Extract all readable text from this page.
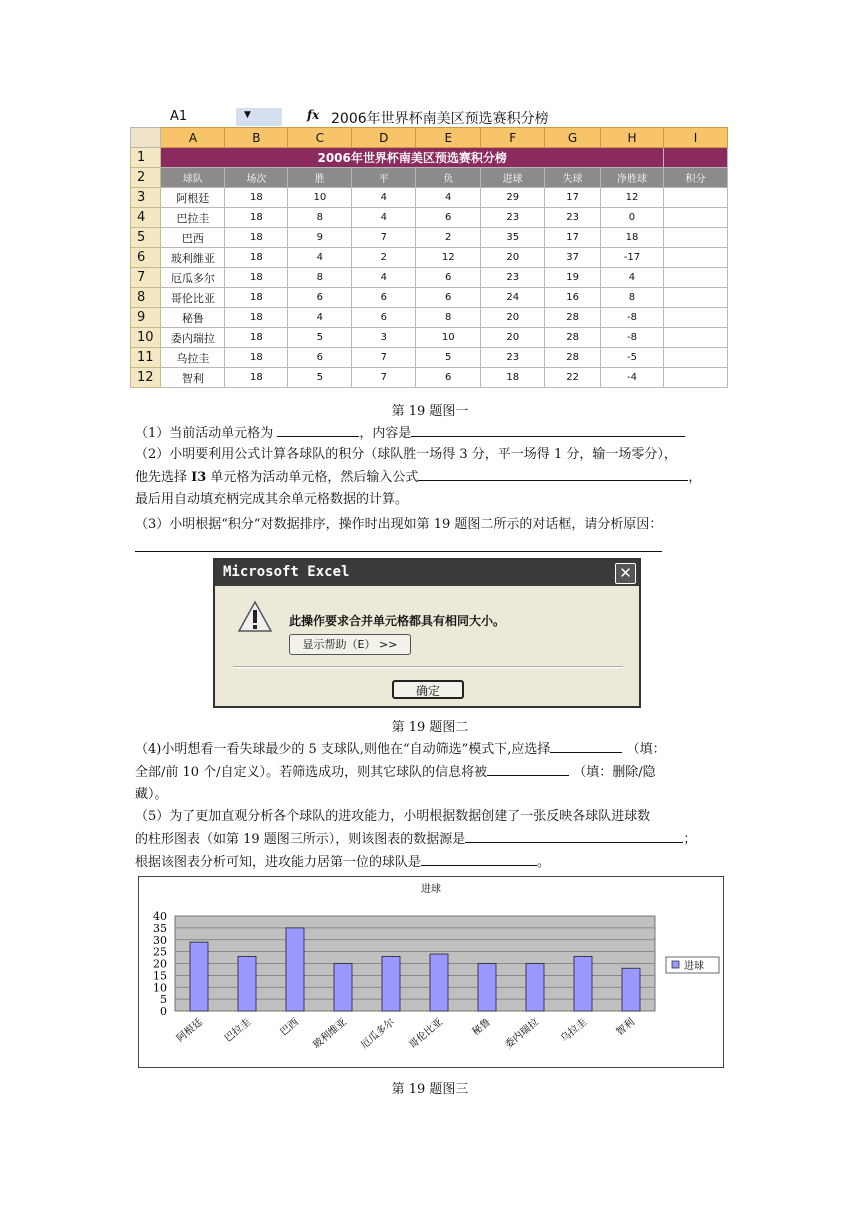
A1	▼	fx 2006年世界杯南美区预选赛积分榜
	A	B	C	D	E	F	G	H	I
1	2006年世界杯南美区预选赛积分榜								
2	球队	场次	胜	平	负	进球	失球	净胜球	积分
3	阿根廷	18	10	4	4	29	17	12	
4	巴拉圭	18	8	4	6	23	23	0	
5	巴西	18	9	7	2	35	17	18	
6	玻利維亚	18	4	2	12	20	37	-17	
7	厄瓜多尔	18	8	4	6	23	19	4	
8	哥伦比亚	18	6	6	6	24	16	8	
9	秘鲁	18	4	6	8	20	28	-8	
10	委内瑞拉	18	5	3	10	20	28	-8	
11	乌拉圭	18	6	7	5	23	28	-5	
12	智利	18	5	7	6	18	22	-4	
第 19 题图一
（1）当前活动单元格为	，内容是
（2）小明要利用公式计算各球队的积分（球队胜一场得 3 分，平一场得 1 分，输一场零分），
他先选择 I3 单元格为活动单元格，然后输入公式	，
最后用自动填充柄完成其余单元格数据的计算。
（3）小明根据“积分”对数据排序，操作时出现如第 19 题图二所示的对话框，请分析原因：
Microsoft Excel	✕
此操作要求合并单元格都具有相同大小。
显示帮助（E） >>
确定
第 19 题图二
（4)小明想看一看失球最少的 5 支球队,则他在“自动筛选”模式下,应选择	（填：
全部/前 10 个/自定义）。若筛选成功，则其它球队的信息将被	（填：删除/隐
藏）。
（5）为了更加直观分析各个球队的进攻能力，小明根据数据创建了一张反映各球队进球数
的柱形图表（如第 19 题图三所示），则该图表的数据源是	；
根据该图表分析可知，进攻能力居第一位的球队是	。
进球
0
5
10
15
20
25
30
35
40
阿根廷 巴拉圭	巴西 玻利维亚 厄瓜多尔 哥伦比亚	秘鲁 委内瑞拉 乌拉圭	智利
进球
第 19 题图三
